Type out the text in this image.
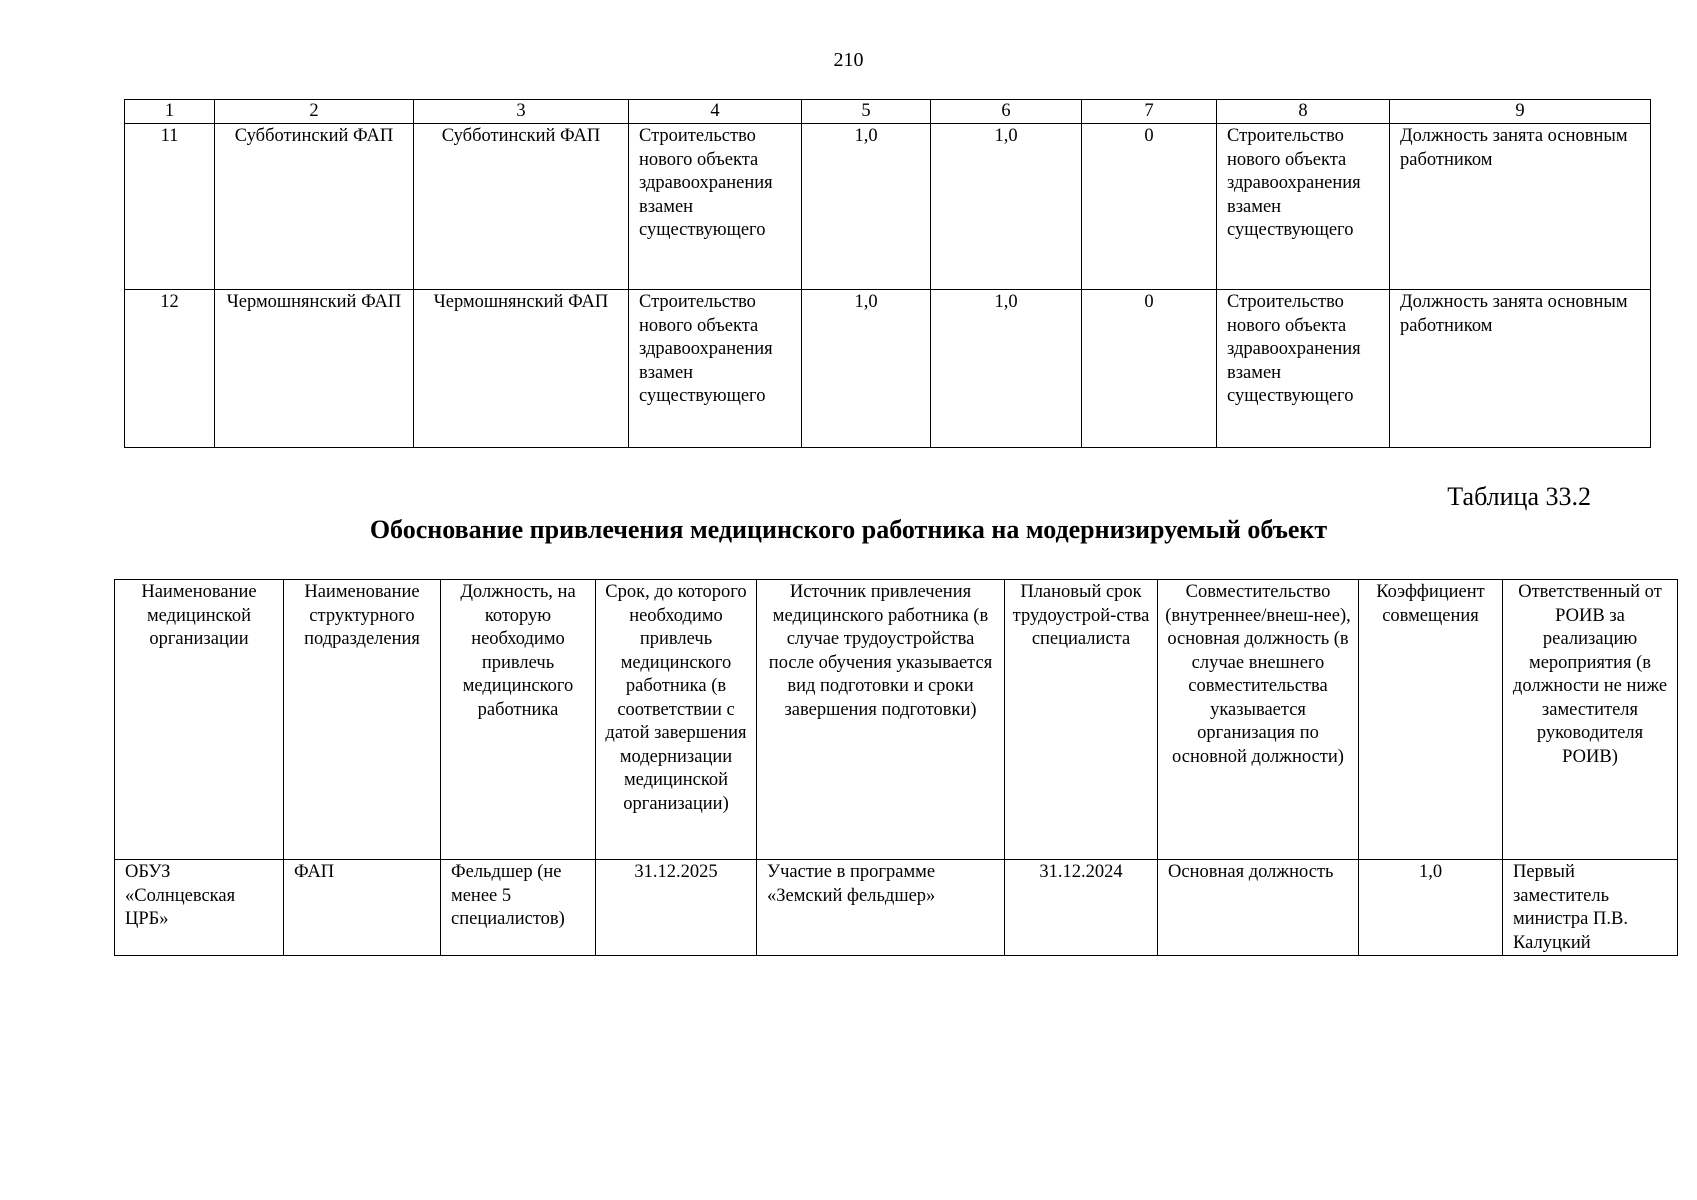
210
1	2	3	4	5	6	7	8	9
11	Субботинский ФАП	Субботинский ФАП	Строительство нового объекта здравоохранения взамен существующего	1,0	1,0	0	Строительство нового объекта здравоохранения взамен существующего	Должность занята основным работником
12	Чермошнянский ФАП	Чермошнянский ФАП	Строительство нового объекта здравоохранения взамен существующего	1,0	1,0	0	Строительство нового объекта здравоохранения взамен существующего	Должность занята основным работником
Таблица 33.2
Обоснование привлечения медицинского работника на модернизируемый объект
Наименование медицинской организации	Наименование структурного подразделения	Должность, на которую необходимо привлечь медицинского работника	Срок, до которого необходимо привлечь медицинского работника (в соответствии с датой завершения модернизации медицинской организации)	Источник привлечения медицинского работника (в случае трудоустройства после обучения указывается вид подготовки и сроки завершения подготовки)	Плановый срок трудоустрой-ства специалиста	Совместительство (внутреннее/внеш-нее), основная должность (в случае внешнего совместительства указывается организация по основной должности)	Коэффициент совмещения	Ответственный от РОИВ за реализацию мероприятия (в должности не ниже заместителя руководителя РОИВ)
ОБУЗ «Солнцевская ЦРБ»	ФАП	Фельдшер (не менее 5 специалистов)	31.12.2025	Участие в программе «Земский фельдшер»	31.12.2024	Основная должность	1,0	Первый заместитель министра П.В. Калуцкий
